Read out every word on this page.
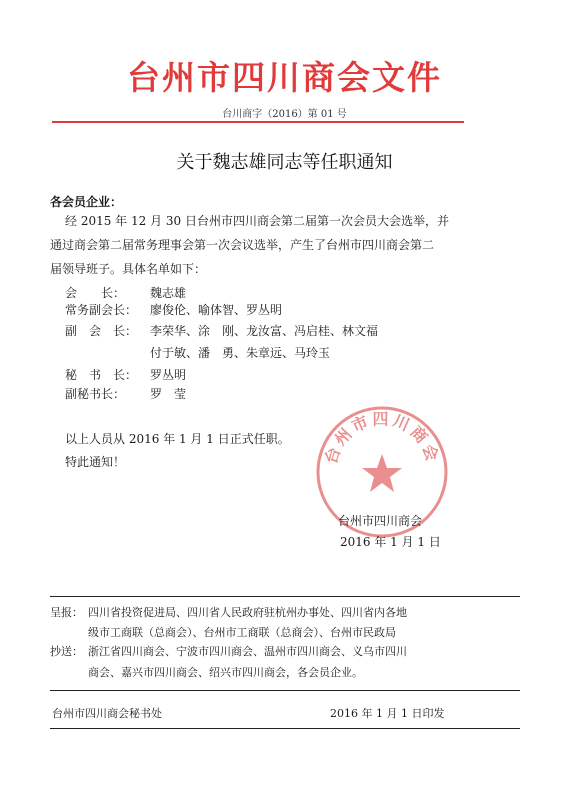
台州市四川商会文件
台川商字（2016）第 01 号
关于魏志雄同志等任职通知
各会员企业：
经 2015 年 12 月 30 日台州市四川商会第二届第一次会员大会选举，并
通过商会第二届常务理事会第一次会议选举，产生了台州市四川商会第二
届领导班子。具体名单如下：
会　　长： 魏志雄
常务副会长： 廖俊伦、喻体智、罗丛明
副　会　长： 李荣华、涂　刚、龙汝富、冯启桂、林文福
付于敏、潘　勇、朱章远、马玲玉
秘　书　长： 罗丛明
副秘书长： 罗　莹
以上人员从 2016 年 1 月 1 日正式任职。
特此通知！	台州市四川商会
台州市四川商会
2016 年 1 月 1 日
呈报： 四川省投资促进局、四川省人民政府驻杭州办事处、四川省内各地
级市工商联（总商会）、台州市工商联（总商会）、台州市民政局
抄送： 浙江省四川商会、宁波市四川商会、温州市四川商会、义乌市四川
商会、嘉兴市四川商会、绍兴市四川商会，各会员企业。
台州市四川商会秘书处	2016 年 1 月 1 日印发
